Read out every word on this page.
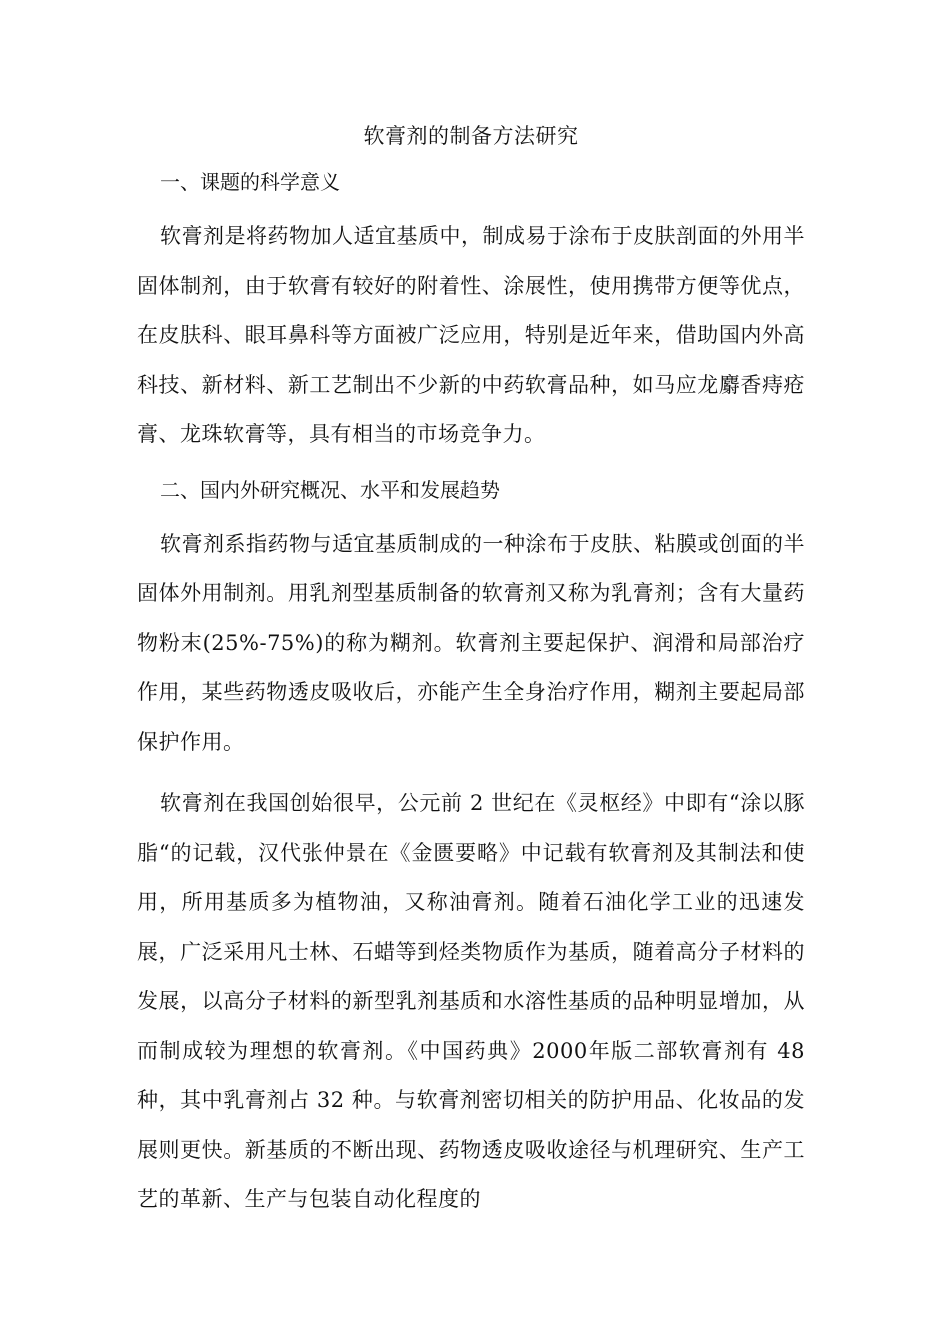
软膏剂的制备方法研究
一、课题的科学意义

软膏剂是将药物加人适宜基质中，制成易于涂布于皮肤剖面的外用半固体制剂，由于软膏有较好的附着性、涂展性，使用携带方便等优点，在皮肤科、眼耳鼻科等方面被广泛应用，特别是近年来，借助国内外高科技、新材料、新工艺制出不少新的中药软膏品种，如马应龙麝香痔疮膏、龙珠软膏等，具有相当的市场竞争力。

二、国内外研究概况、水平和发展趋势

软膏剂系指药物与适宜基质制成的一种涂布于皮肤、粘膜或创面的半固体外用制剂。用乳剂型基质制备的软膏剂又称为乳膏剂；含有大量药物粉末(25%-75%)的称为糊剂。软膏剂主要起保护、润滑和局部治疗作用，某些药物透皮吸收后，亦能产生全身治疗作用，糊剂主要起局部保护作用。

软膏剂在我国创始很早，公元前 2 世纪在《灵枢经》中即有“涂以豚脂“的记载，汉代张仲景在《金匮要略》中记载有软膏剂及其制法和使用，所用基质多为植物油，又称油膏剂。随着石油化学工业的迅速发展，广泛采用凡士林、石蜡等到烃类物质作为基质，随着高分子材料的发展，以高分子材料的新型乳剂基质和水溶性基质的品种明显增加，从而制成较为理想的软膏剂。《中国药典》2000年版二部软膏剂有 48 种，其中乳膏剂占 32 种。与软膏剂密切相关的防护用品、化妆品的发展则更快。新基质的不断出现、药物透皮吸收途径与机理研究、生产工艺的革新、生产与包装自动化程度的
